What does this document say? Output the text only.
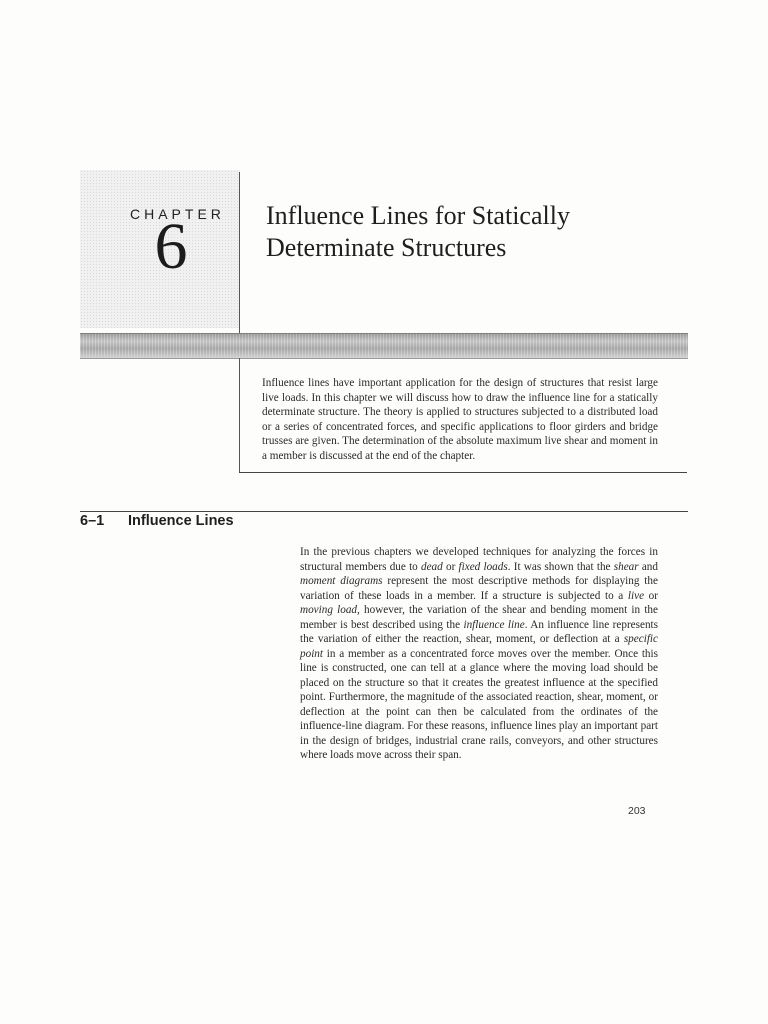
CHAPTER
6	Influence Lines for Statically
Determinate Structures

Influence lines have important application for the design of structures that resist large live loads. In this chapter we will discuss how to draw the influence line for a statically determinate structure. The theory is applied to structures subjected to a distributed load or a series of concentrated forces, and specific applications to floor girders and bridge trusses are given. The determination of the absolute maximum live shear and moment in a member is discussed at the end of the chapter.

6–1 Influence Lines

In the previous chapters we developed techniques for analyzing the forces in structural members due to dead or fixed loads. It was shown that the shear and moment diagrams represent the most descriptive methods for displaying the variation of these loads in a member. If a structure is subjected to a live or moving load, however, the variation of the shear and bending moment in the member is best described using the influence line. An influence line represents the variation of either the reaction, shear, moment, or deflection at a specific point in a member as a concentrated force moves over the member. Once this line is constructed, one can tell at a glance where the moving load should be placed on the structure so that it creates the greatest influence at the specified point. Furthermore, the magnitude of the associated reaction, shear, moment, or deflection at the point can then be calculated from the ordinates of the influence-line diagram. For these reasons, influence lines play an important part in the design of bridges, industrial crane rails, conveyors, and other structures where loads move across their span.

203
